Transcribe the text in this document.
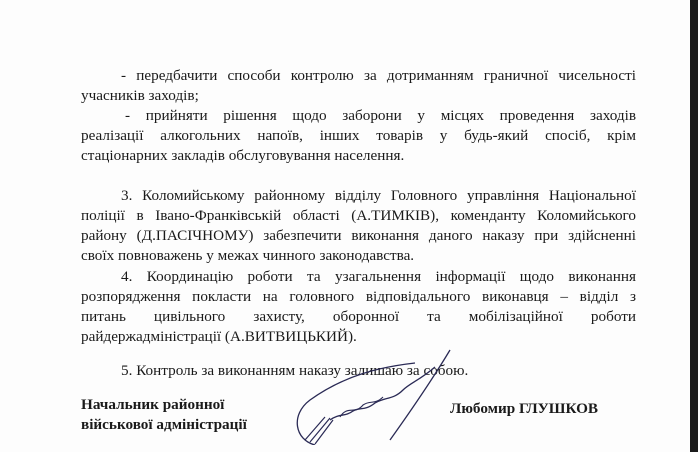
- передбачити способи контролю за дотриманням граничної чисельності
учасників заходів;
- прийняти рішення щодо заборони у місцях проведення заходів
реалізації алкогольних напоїв, інших товарів у будь-який спосіб, крім
стаціонарних закладів обслуговування населення.
3. Коломийському районному відділу Головного управління Національної
поліції в Івано-Франківській області (А.ТИМКІВ), коменданту Коломийського
району (Д.ПАСІЧНОМУ) забезпечити виконання даного наказу при здійсненні
своїх повноважень у межах чинного законодавства.
4. Координацію роботи та узагальнення інформації щодо виконання
розпорядження покласти на головного відповідального виконавця – відділ з
питань цивільного захисту, оборонної та мобілізаційної роботи
райдержадміністрації (А.ВИТВИЦЬКИЙ).
5. Контроль за виконанням наказу залишаю за собою.
Начальник районної
військової адміністрації
Любомир ГЛУШКОВ
